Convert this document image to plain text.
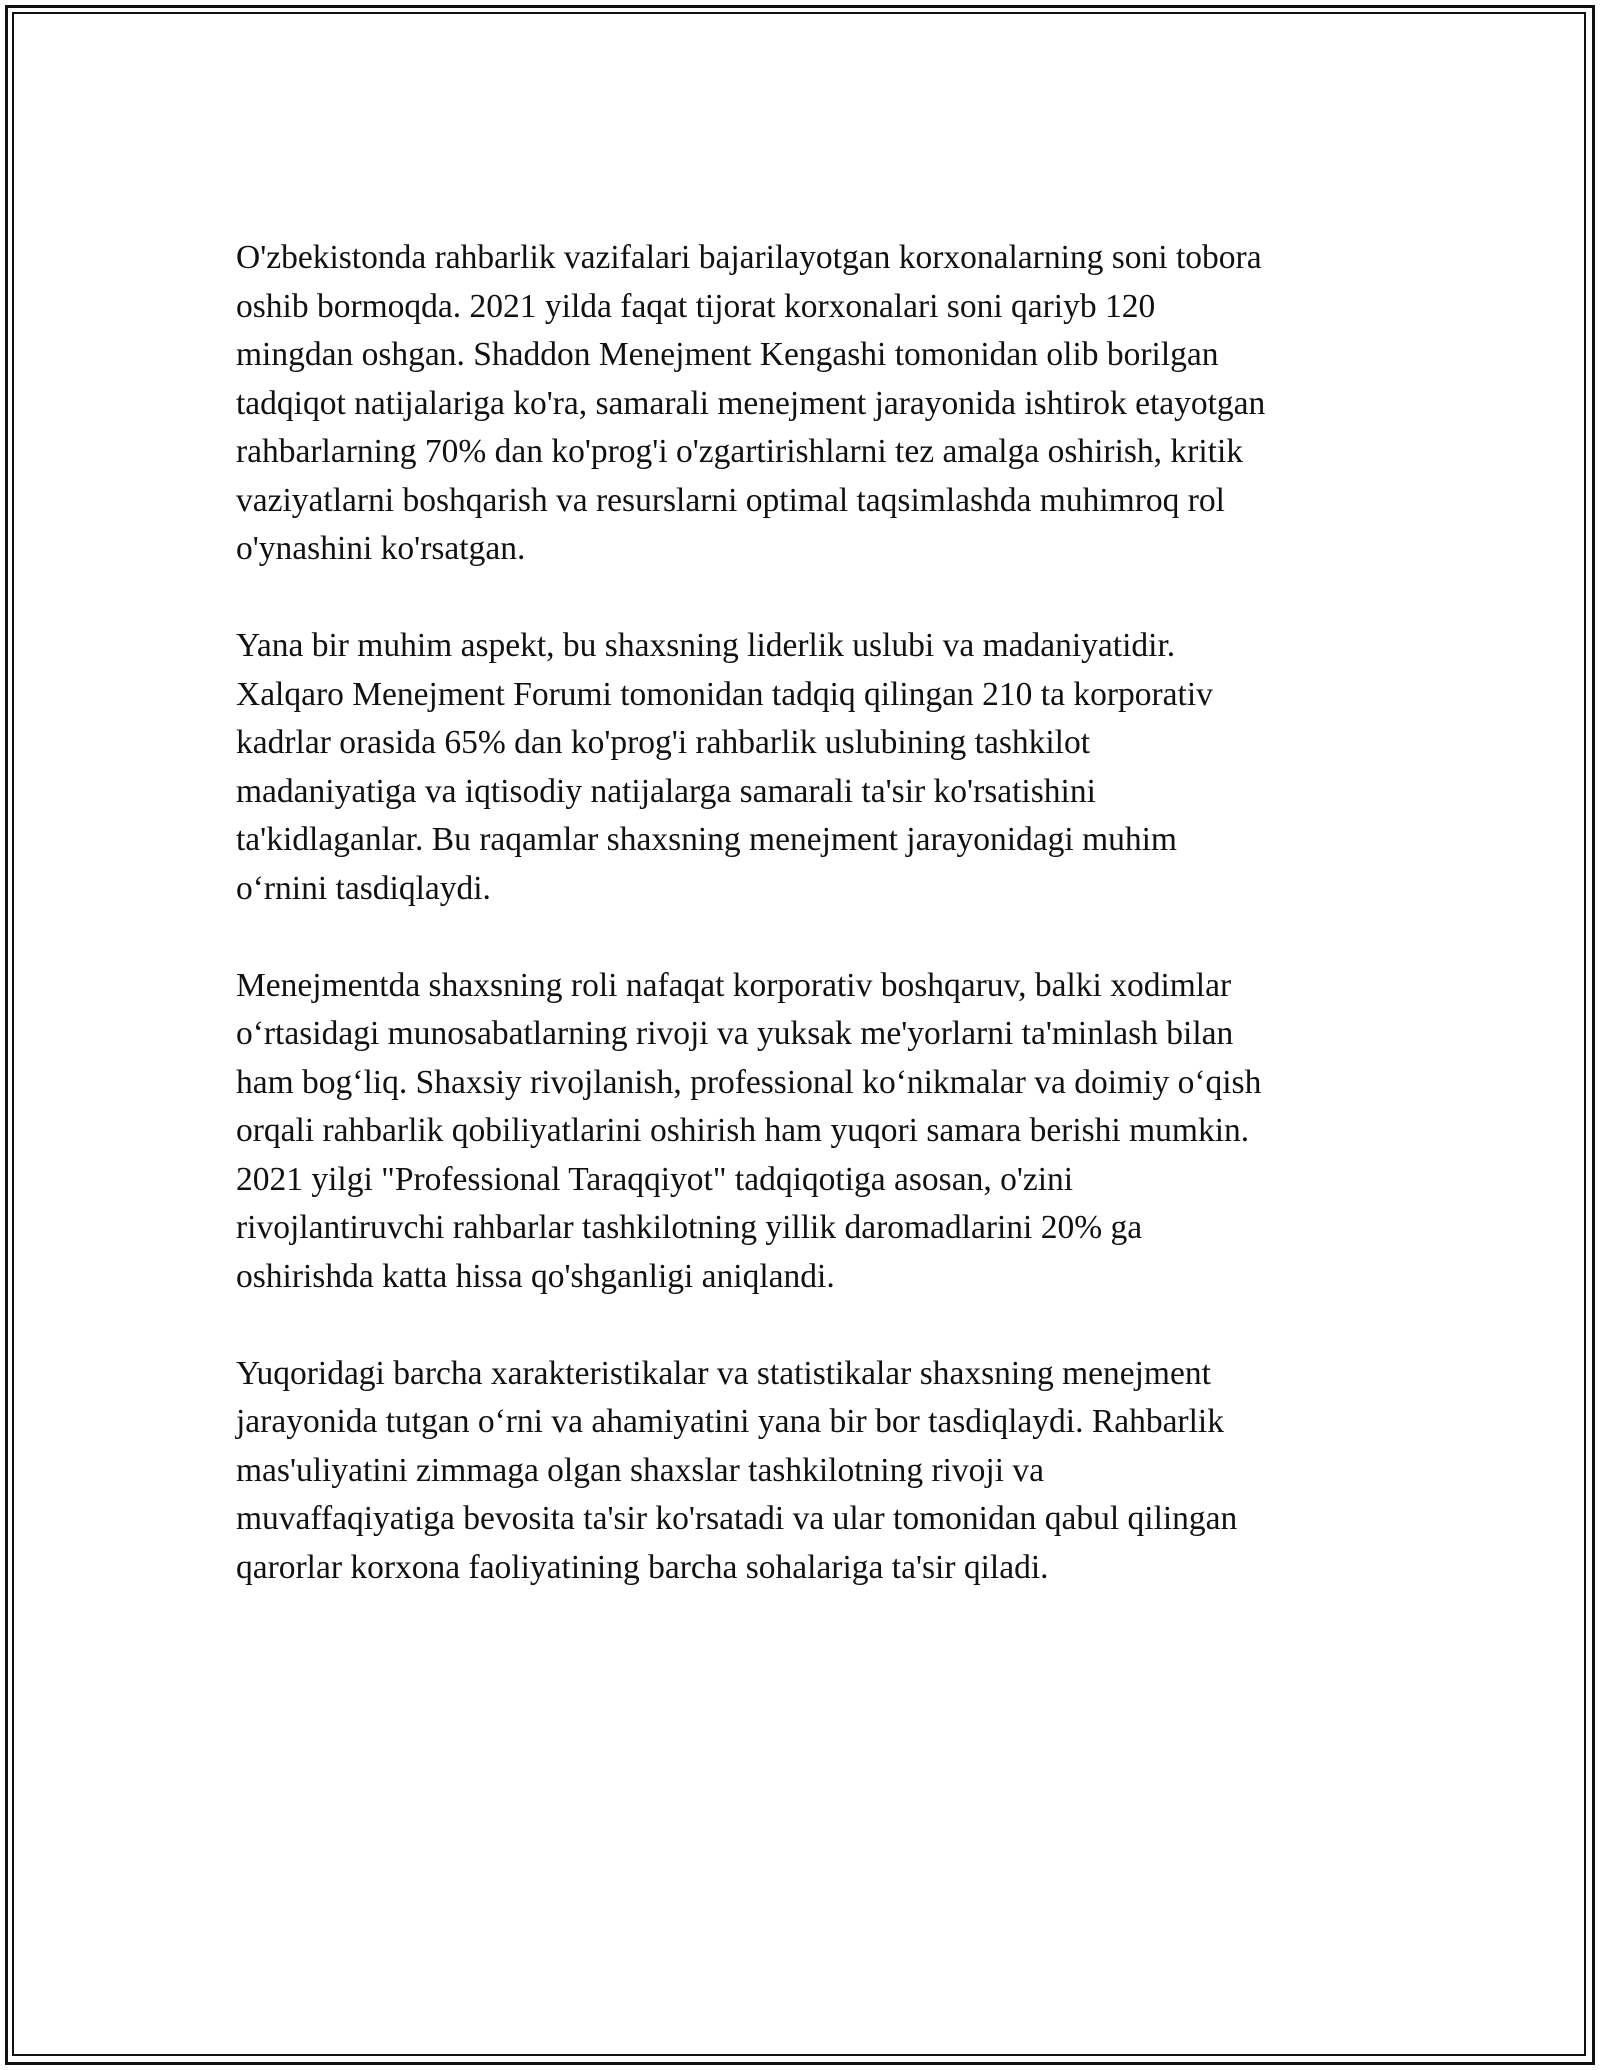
O'zbekistonda rahbarlik vazifalari bajarilayotgan korxonalarning soni tobora
oshib bormoqda. 2021 yilda faqat tijorat korxonalari soni qariyb 120
mingdan oshgan. Shaddon Menejment Kengashi tomonidan olib borilgan
tadqiqot natijalariga ko'ra, samarali menejment jarayonida ishtirok etayotgan
rahbarlarning 70% dan ko'prog'i o'zgartirishlarni tez amalga oshirish, kritik
vaziyatlarni boshqarish va resurslarni optimal taqsimlashda muhimroq rol
o'ynashini ko'rsatgan.

Yana bir muhim aspekt, bu shaxsning liderlik uslubi va madaniyatidir.
Xalqaro Menejment Forumi tomonidan tadqiq qilingan 210 ta korporativ
kadrlar orasida 65% dan ko'prog'i rahbarlik uslubining tashkilot
madaniyatiga va iqtisodiy natijalarga samarali ta'sir ko'rsatishini
ta'kidlaganlar. Bu raqamlar shaxsning menejment jarayonidagi muhim
o‘rnini tasdiqlaydi.

Menejmentda shaxsning roli nafaqat korporativ boshqaruv, balki xodimlar
o‘rtasidagi munosabatlarning rivoji va yuksak me'yorlarni ta'minlash bilan
ham bog‘liq. Shaxsiy rivojlanish, professional ko‘nikmalar va doimiy o‘qish
orqali rahbarlik qobiliyatlarini oshirish ham yuqori samara berishi mumkin.
2021 yilgi "Professional Taraqqiyot" tadqiqotiga asosan, o'zini
rivojlantiruvchi rahbarlar tashkilotning yillik daromadlarini 20% ga
oshirishda katta hissa qo'shganligi aniqlandi.

Yuqoridagi barcha xarakteristikalar va statistikalar shaxsning menejment
jarayonida tutgan o‘rni va ahamiyatini yana bir bor tasdiqlaydi. Rahbarlik
mas'uliyatini zimmaga olgan shaxslar tashkilotning rivoji va
muvaffaqiyatiga bevosita ta'sir ko'rsatadi va ular tomonidan qabul qilingan
qarorlar korxona faoliyatining barcha sohalariga ta'sir qiladi.
